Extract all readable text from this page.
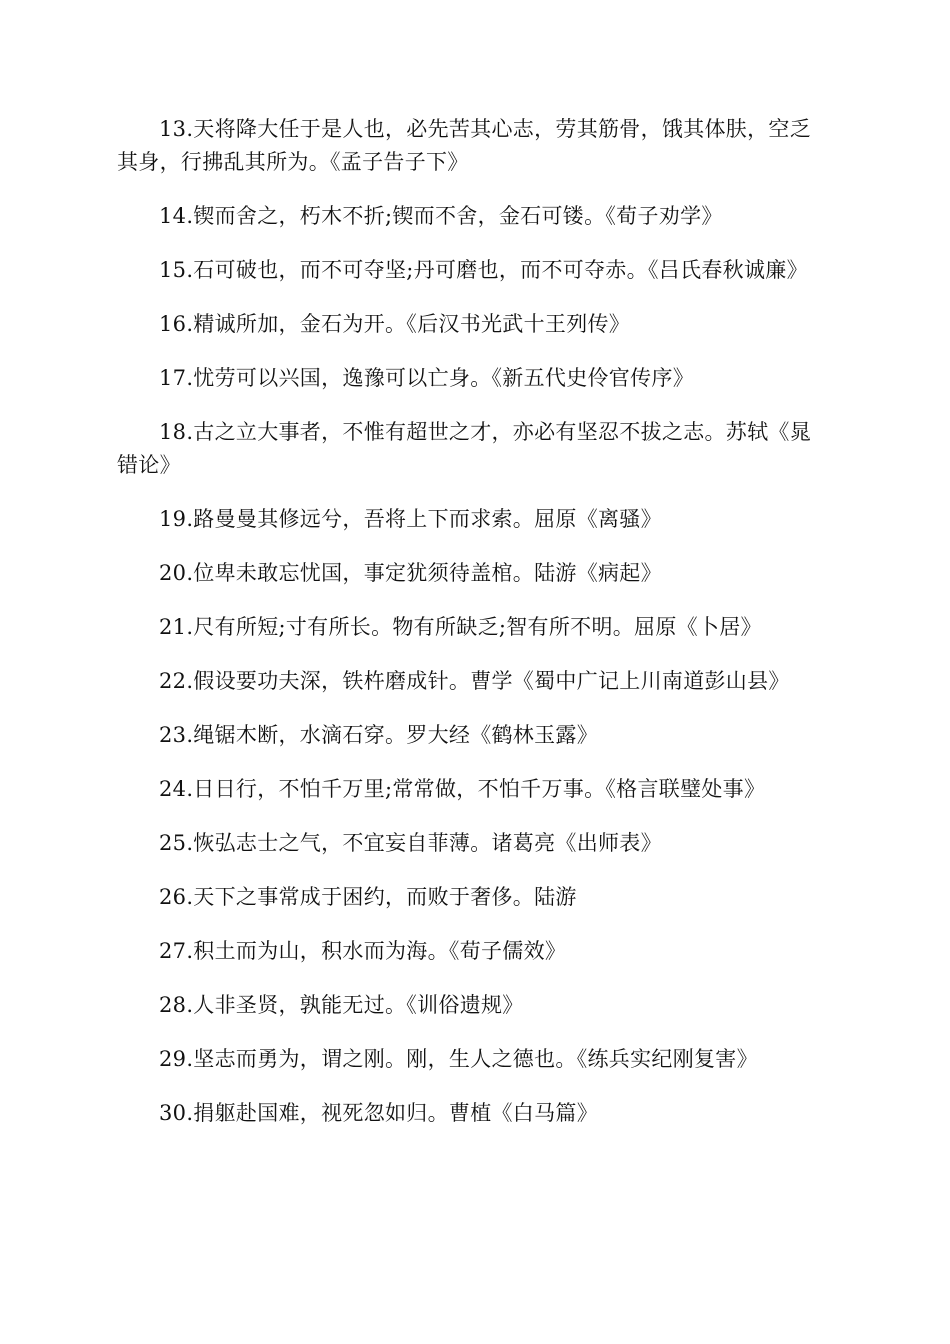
13.天将降大任于是人也，必先苦其心志，劳其筋骨，饿其体肤，空乏其身，行拂乱其所为。《孟子告子下》

14.锲而舍之，朽木不折;锲而不舍，金石可镂。《荀子劝学》

15.石可破也，而不可夺坚;丹可磨也，而不可夺赤。《吕氏春秋诚廉》

16.精诚所加，金石为开。《后汉书光武十王列传》

17.忧劳可以兴国，逸豫可以亡身。《新五代史伶官传序》

18.古之立大事者，不惟有超世之才，亦必有坚忍不拔之志。苏轼《晁错论》

19.路曼曼其修远兮，吾将上下而求索。屈原《离骚》

20.位卑未敢忘忧国，事定犹须待盖棺。陆游《病起》

21.尺有所短;寸有所长。物有所缺乏;智有所不明。屈原《卜居》

22.假设要功夫深，铁杵磨成针。曹学《蜀中广记上川南道彭山县》

23.绳锯木断，水滴石穿。罗大经《鹤林玉露》

24.日日行，不怕千万里;常常做，不怕千万事。《格言联璧处事》

25.恢弘志士之气，不宜妄自菲薄。诸葛亮《出师表》

26.天下之事常成于困约，而败于奢侈。陆游

27.积土而为山，积水而为海。《荀子儒效》

28.人非圣贤，孰能无过。《训俗遗规》

29.坚志而勇为，谓之刚。刚，生人之德也。《练兵实纪刚复害》

30.捐躯赴国难，视死忽如归。曹植《白马篇》
